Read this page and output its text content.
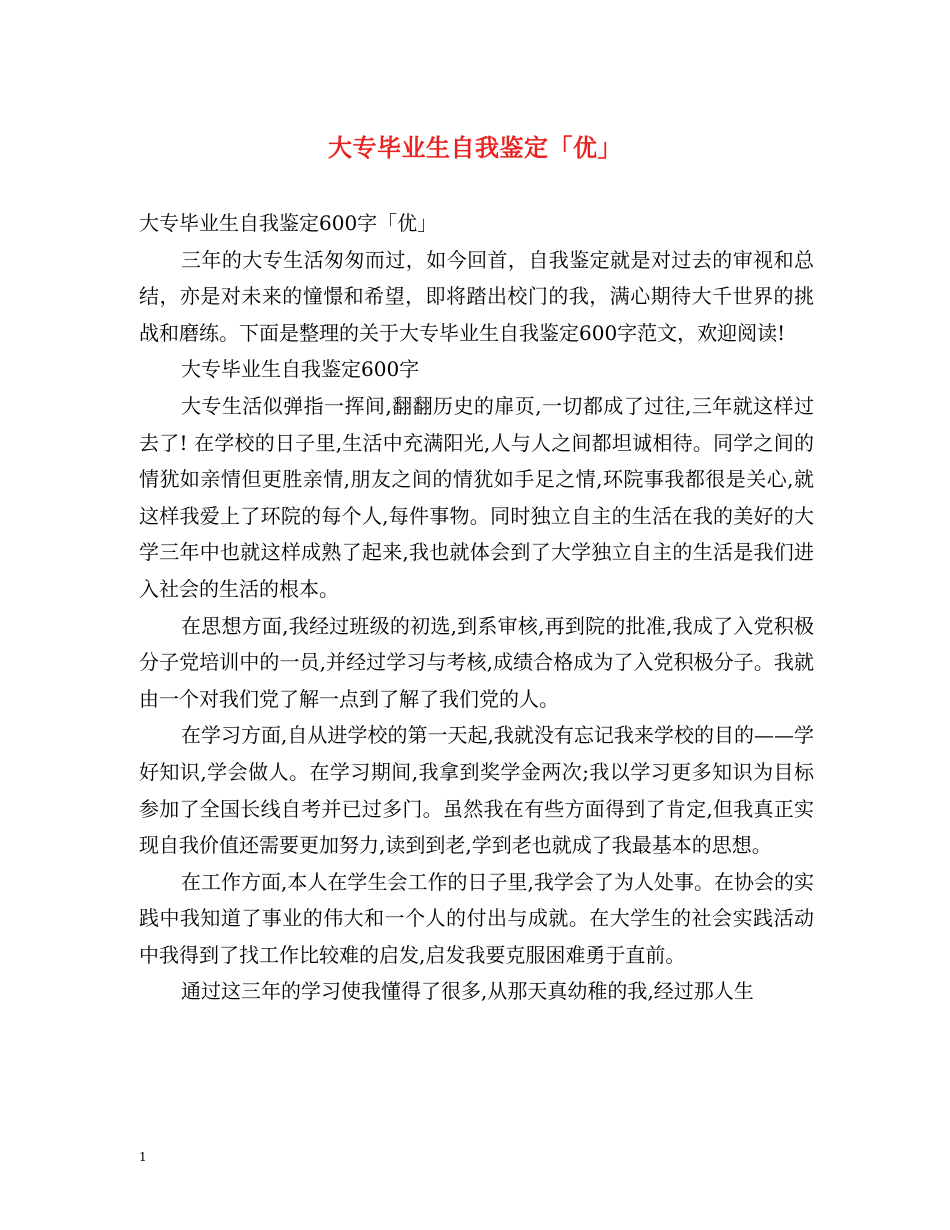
大专毕业生自我鉴定「优」

大专毕业生自我鉴定600字「优」

三年的大专生活匆匆而过，如今回首，自我鉴定就是对过去的审视和总结，亦是对未来的憧憬和希望，即将踏出校门的我，满心期待大千世界的挑战和磨练。下面是整理的关于大专毕业生自我鉴定600字范文，欢迎阅读!

大专毕业生自我鉴定600字

大专生活似弹指一挥间,翻翻历史的扉页,一切都成了过往,三年就这样过去了! 在学校的日子里,生活中充满阳光,人与人之间都坦诚相待。同学之间的情犹如亲情但更胜亲情,朋友之间的情犹如手足之情,环院事我都很是关心,就这样我爱上了环院的每个人,每件事物。同时独立自主的生活在我的美好的大学三年中也就这样成熟了起来,我也就体会到了大学独立自主的生活是我们进入社会的生活的根本。

在思想方面,我经过班级的初选,到系审核,再到院的批准,我成了入党积极分子党培训中的一员,并经过学习与考核,成绩合格成为了入党积极分子。我就由一个对我们党了解一点到了解了我们党的人。

在学习方面,自从进学校的第一天起,我就没有忘记我来学校的目的——学好知识,学会做人。在学习期间,我拿到奖学金两次;我以学习更多知识为目标参加了全国长线自考并已过多门。虽然我在有些方面得到了肯定,但我真正实现自我价值还需要更加努力,读到到老,学到老也就成了我最基本的思想。

在工作方面,本人在学生会工作的日子里,我学会了为人处事。在协会的实践中我知道了事业的伟大和一个人的付出与成就。在大学生的社会实践活动中我得到了找工作比较难的启发,启发我要克服困难勇于直前。

通过这三年的学习使我懂得了很多,从那天真幼稚的我,经过那人生

1
